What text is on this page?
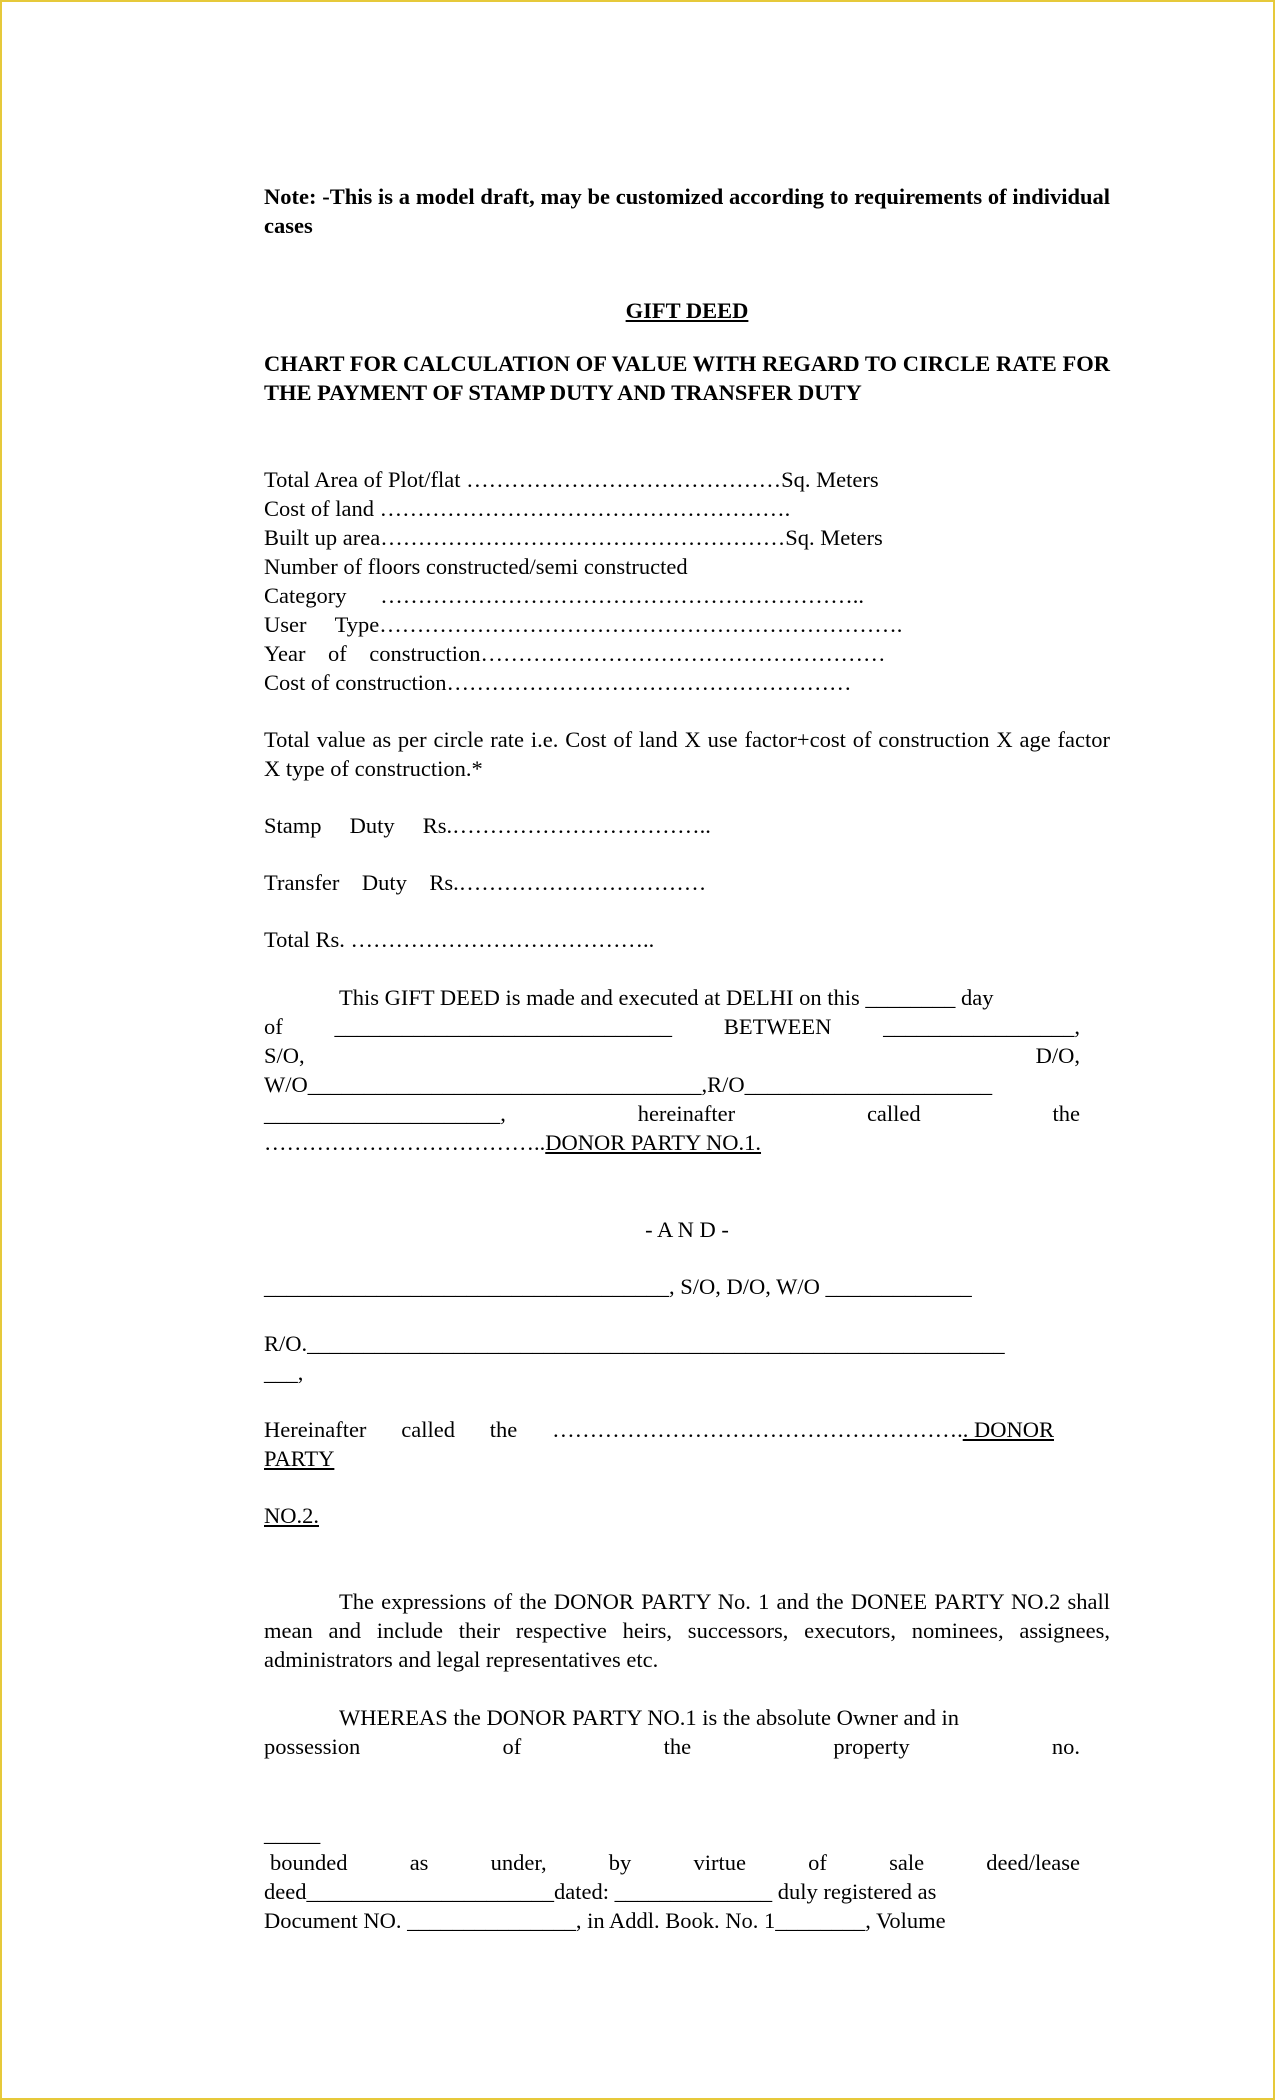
Note: -This is a model draft, may be customized according to requirements of individual cases

GIFT DEED

CHART FOR CALCULATION OF VALUE WITH REGARD TO CIRCLE RATE FOR THE PAYMENT OF STAMP DUTY AND TRANSFER DUTY

Total Area of Plot/flat ……………………………………Sq. Meters

Cost of land ……………………………………………….

Built up area………………………………………………Sq. Meters

Number of floors constructed/semi constructed

Category ………………………………………………………..

User Type…………………………………………………………….

Year of construction………………………………………………

Cost of construction………………………………………………

Total value as per circle rate i.e. Cost of land X use factor+cost of construction X age factor X type of construction.*

Stamp Duty Rs.……………………………..

Transfer Duty Rs.……………………………

Total Rs. …………………………………..

This GIFT DEED is made and executed at DELHI on this ________ day

of ______________________________ BETWEEN _________________,
S/O,	D/O,

W/O___________________________________,R/O______________________

_____________________,	hereinafter	called	the

………………………………..DONOR PARTY NO.1.

- A N D -

____________________________________, S/O, D/O, W/O _____________

R/O.______________________________________________________________

___,

Hereinafter called the ……………………………………………….. DONOR

PARTY

NO.2.

The expressions of the DONOR PARTY No. 1 and the DONEE PARTY NO.2 shall mean and include their respective heirs, successors, executors, nominees, assignees, administrators and legal representatives etc.

WHEREAS the DONOR PARTY NO.1 is the absolute Owner and in

possession	of	the	property	no.

_____

bounded	as	under,	by	virtue	of	sale	deed/lease

deed______________________dated: ______________ duly registered as

Document NO. _______________, in Addl. Book. No. 1________, Volume
